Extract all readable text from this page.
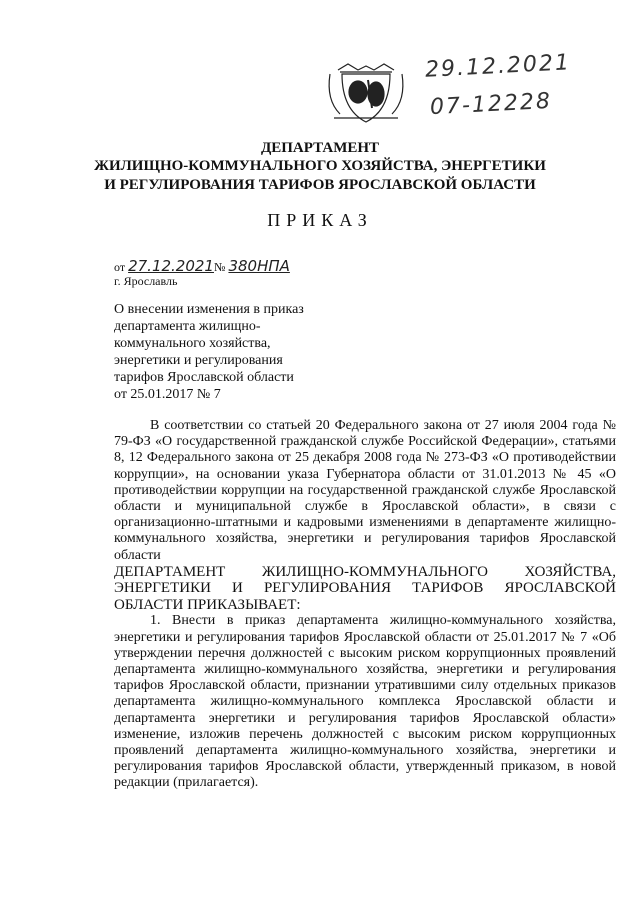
29.12.2021
07-12228
ДЕПАРТАМЕНТ
ЖИЛИЩНО-КОММУНАЛЬНОГО ХОЗЯЙСТВА, ЭНЕРГЕТИКИ
И РЕГУЛИРОВАНИЯ ТАРИФОВ ЯРОСЛАВСКОЙ ОБЛАСТИ
ПРИКАЗ
от 27.12.2021№ 380НПА
г. Ярославль
О внесении изменения в приказ
департамента жилищно-
коммунального хозяйства,
энергетики и регулирования
тарифов Ярославской области
от 25.01.2017 № 7

В соответствии со статьей 20 Федерального закона от 27 июля 2004 года № 79-ФЗ «О государственной гражданской службе Российской Федерации», статьями 8, 12 Федерального закона от 25 декабря 2008 года № 273-ФЗ «О противодействии коррупции», на основании указа Губернатора области от 31.01.2013 № 45 «О противодействии коррупции на государственной гражданской службе Ярославской области и муниципальной службе в Ярославской области», в связи с организационно-штатными и кадровыми изменениями в департаменте жилищно-коммунального хозяйства, энергетики и регулирования тарифов Ярославской области

ДЕПАРТАМЕНТ ЖИЛИЩНО-КОММУНАЛЬНОГО ХОЗЯЙСТВА, ЭНЕРГЕТИКИ И РЕГУЛИРОВАНИЯ ТАРИФОВ ЯРОСЛАВСКОЙ ОБЛАСТИ ПРИКАЗЫВАЕТ:

1. Внести в приказ департамента жилищно-коммунального хозяйства, энергетики и регулирования тарифов Ярославской области от 25.01.2017 № 7 «Об утверждении перечня должностей с высоким риском коррупционных проявлений департамента жилищно-коммунального хозяйства, энергетики и регулирования тарифов Ярославской области, признании утратившими силу отдельных приказов департамента жилищно-коммунального комплекса Ярославской области и департамента энергетики и регулирования тарифов Ярославской области» изменение, изложив перечень должностей с высоким риском коррупционных проявлений департамента жилищно-коммунального хозяйства, энергетики и регулирования тарифов Ярославской области, утвержденный приказом, в новой редакции (прилагается).
